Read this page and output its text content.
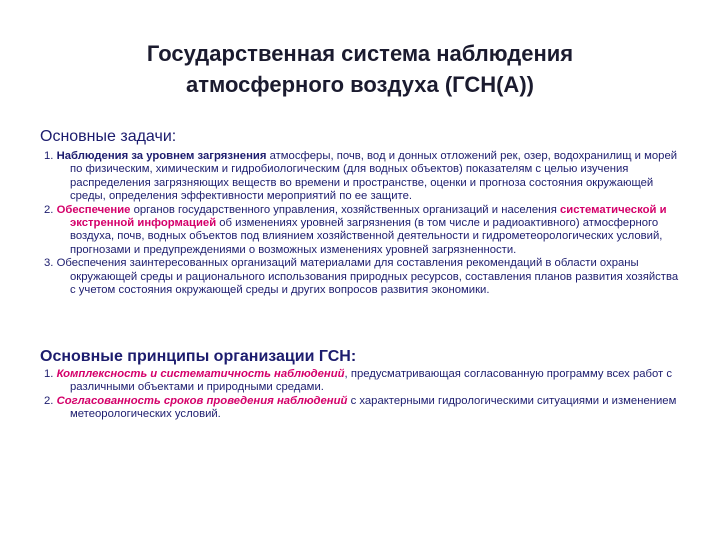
Государственная система наблюдения
атмосферного воздуха (ГСН(А))
Основные задачи:

1. Наблюдения за уровнем загрязнения атмосферы, почв, вод и донных отложений рек, озер, водохранилищ и морей по физическим, химическим и гидробиологическим (для водных объектов) показателям с целью изучения распределения загрязняющих веществ во времени и пространстве, оценки и прогноза состояния окружающей среды, определения эффективности мероприятий по ее защите.

2. Обеспечение органов государственного управления, хозяйственных организаций и населения систематической и экстренной информацией об изменениях уровней загрязнения (в том числе и радиоактивного) атмосферного воздуха, почв, водных объектов под влиянием хозяйственной деятельности и гидрометеорологических условий, прогнозами и предупреждениями о возможных изменениях уровней загрязненности.

3. Обеспечения заинтересованных организаций материалами для составления рекомендаций в области охраны окружающей среды и рационального использования природных ресурсов, составления планов развития хозяйства с учетом состояния окружающей среды и других вопросов развития экономики.

Основные принципы организации ГСН:

1. Комплексность и систематичность наблюдений, предусматривающая согласованную программу всех работ с различными объектами и природными средами.

2. Согласованность сроков проведения наблюдений с характерными гидрологическими ситуациями и изменением метеорологических условий.
